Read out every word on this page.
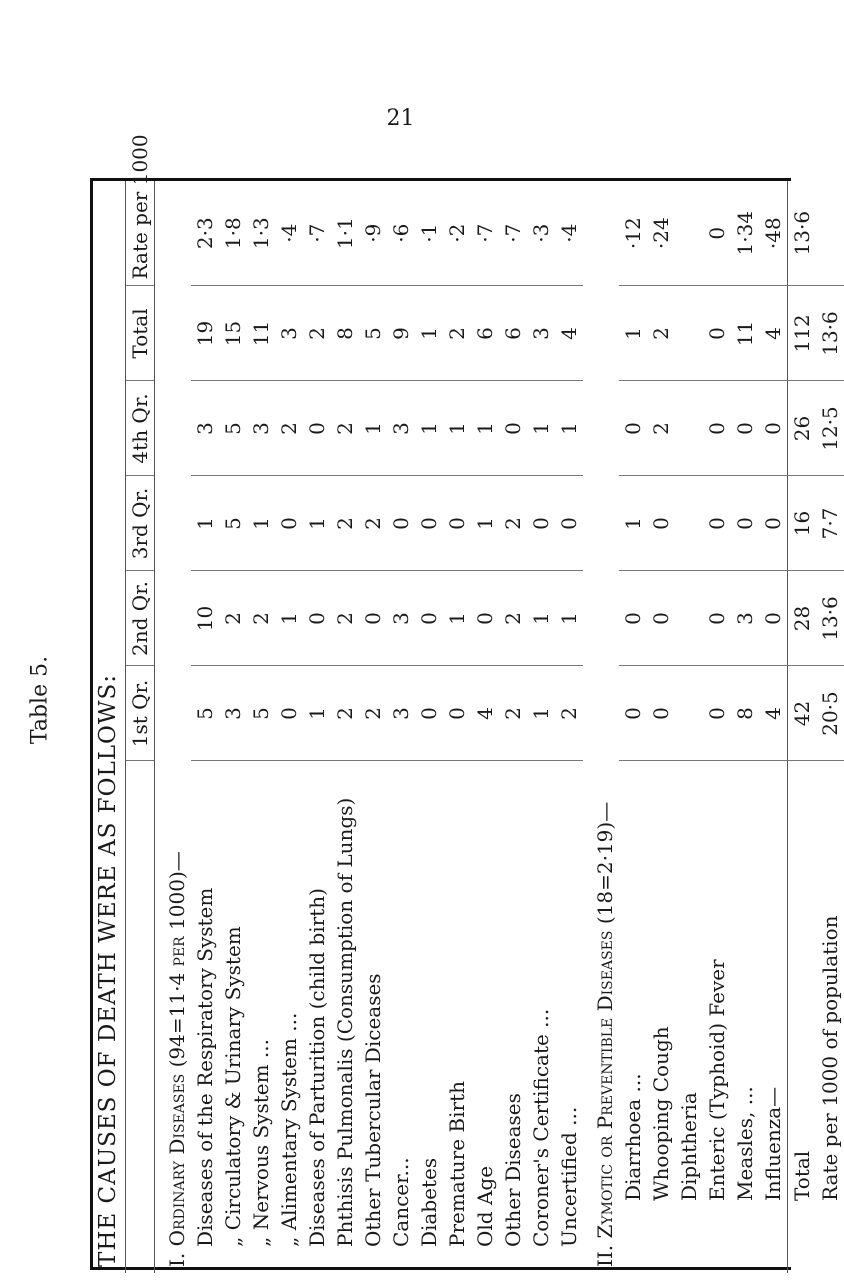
21
Table 5. THE CAUSES OF DEATH WERE AS FOLLOWS:						
	1st Qr.	2nd Qr.	3rd Qr.	4th Qr.	Total	Rate per 1000
I. Ordinary Diseases (94=11·4 per 1000)—						
Diseases of the Respiratory System	5	10	1	3	19	2·3
„ Circulatory & Urinary System	3	2	5	5	15	1·8
„ Nervous System ...	5	2	1	3	11	1·3
„ Alimentary System ...	0	1	0	2	3	·4
Diseases of Parturition (child birth)	1	0	1	0	2	·7
Phthisis Pulmonalis (Consumption of Lungs)	2	2	2	2	8	1·1
Other Tubercular Diceases	2	0	2	1	5	·9
Cancer...	3	3	0	3	9	·6
Diabetes	0	0	0	1	1	·1
Premature Birth	0	1	0	1	2	·2
Old Age	4	0	1	1	6	·7
Other Diseases	2	2	2	0	6	·7
Coroner's Certificate ...	1	1	0	1	3	·3
Uncertified ...	2	1	0	1	4	·4
II. Zymotic or Preventible Diseases (18=2·19)—						
Diarrhoea ...	0	0	1	0	1	·12
Whooping Cough	0	0	0	2	2	·24
Diphtheria						
Enteric (Typhoid) Fever	0	0	0	0	0	0
Measles, ...	8	3	0	0	11	1·34
Influenza—	4	0	0	0	4	·48
Total	42	28	16	26	112	13·6
Rate per 1000 of population	20·5	13·6	7·7	12·5	13·6	
